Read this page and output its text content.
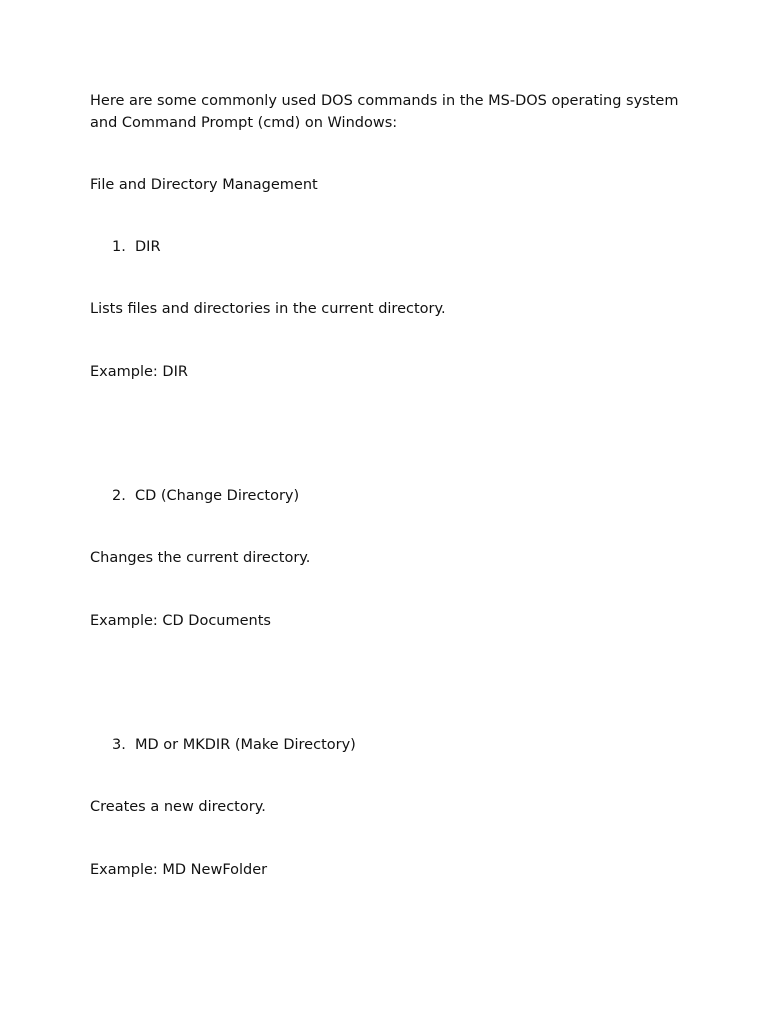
Here are some commonly used DOS commands in the MS-DOS operating system and Command Prompt (cmd) on Windows:

File and Directory Management

1. DIR

Lists files and directories in the current directory.

Example: DIR

2. CD (Change Directory)

Changes the current directory.

Example: CD Documents

3. MD or MKDIR (Make Directory)

Creates a new directory.

Example: MD NewFolder
